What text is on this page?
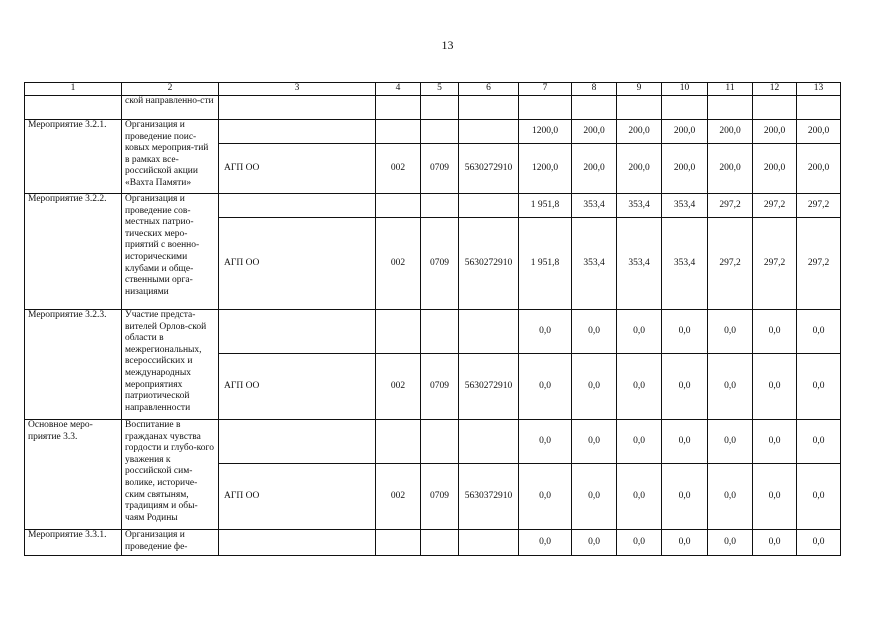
13
1	2	3	4	5	6	7	8	9	10	11	12	13
	ской направленно-сти											
Мероприятие 3.2.1.	Организация и проведение поис-ковых мероприя-тий в рамках все-российской акции «Вахта Памяти»					1200,0	200,0	200,0	200,0	200,0	200,0	200,0
		АГП ОО	002	0709	5630272910	1200,0	200,0	200,0	200,0	200,0	200,0	200,0
Мероприятие 3.2.2.	Организация и проведение сов-местных патрио-тических меро-приятий с военно-историческими клубами и обще-ственными орга-низациями					1 951,8	353,4	353,4	353,4	297,2	297,2	297,2
		АГП ОО	002	0709	5630272910	1 951,8	353,4	353,4	353,4	297,2	297,2	297,2
Мероприятие 3.2.3.	Участие предста-вителей Орлов-ской области в межрегиональных, всероссийских и международных мероприятиях патриотической направленности					0,0	0,0	0,0	0,0	0,0	0,0	0,0
		АГП ОО	002	0709	5630272910	0,0	0,0	0,0	0,0	0,0	0,0	0,0
Основное меро-приятие 3.3.	Воспитание в гражданах чувства гордости и глубо-кого уважения к российской сим-волике, историче-ским святыням, традициям и обы-чаям Родины					0,0	0,0	0,0	0,0	0,0	0,0	0,0
		АГП ОО	002	0709	5630372910	0,0	0,0	0,0	0,0	0,0	0,0	0,0
Мероприятие 3.3.1.	Организация и проведение фе-					0,0	0,0	0,0	0,0	0,0	0,0	0,0
